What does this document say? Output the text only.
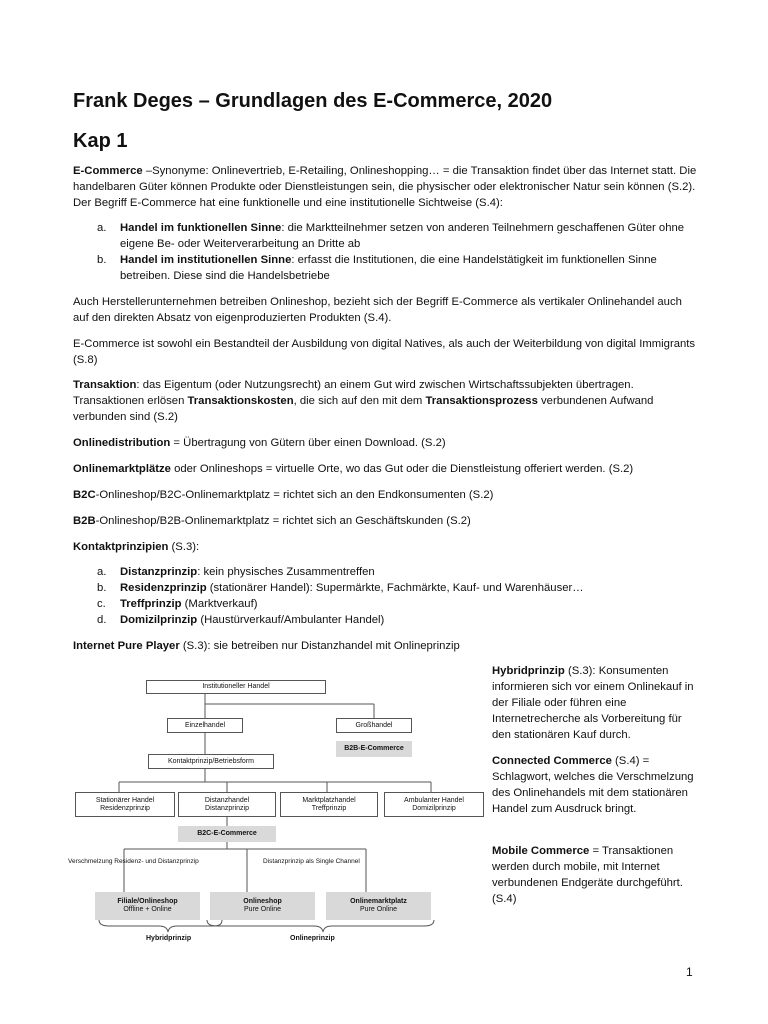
Frank Deges – Grundlagen des E-Commerce, 2020
Kap 1

E-Commerce –Synonyme: Onlinevertrieb, E-Retailing, Onlineshopping… = die Transaktion findet über das Internet statt. Die handelbaren Güter können Produkte oder Dienstleistungen sein, die physischer oder elektronischer Natur sein können (S.2). Der Begriff E-Commerce hat eine funktionelle und eine institutionelle Sichtweise (S.4):

a. Handel im funktionellen Sinne: die Marktteilnehmer setzen von anderen Teilnehmern geschaffenen Güter ohne eigene Be- oder Weiterverarbeitung an Dritte ab
b. Handel im institutionellen Sinne: erfasst die Institutionen, die eine Handelstätigkeit im funktionellen Sinne betreiben. Diese sind die Handelsbetriebe

Auch Herstellerunternehmen betreiben Onlineshop, bezieht sich der Begriff E-Commerce als vertikaler Onlinehandel auch auf den direkten Absatz von eigenproduzierten Produkten (S.4).

E-Commerce ist sowohl ein Bestandteil der Ausbildung von digital Natives, als auch der Weiterbildung von digital Immigrants (S.8)

Transaktion: das Eigentum (oder Nutzungsrecht) an einem Gut wird zwischen Wirtschaftssubjekten übertragen. Transaktionen erlösen Transaktionskosten, die sich auf den mit dem Transaktionsprozess verbundenen Aufwand verbunden sind (S.2)

Onlinedistribution = Übertragung von Gütern über einen Download. (S.2)

Onlinemarktplätze oder Onlineshops = virtuelle Orte, wo das Gut oder die Dienstleistung offeriert werden. (S.2)

B2C-Onlineshop/B2C-Onlinemarktplatz = richtet sich an den Endkonsumenten (S.2)

B2B-Onlineshop/B2B-Onlinemarktplatz = richtet sich an Geschäftskunden (S.2)

Kontaktprinzipien (S.3):

a. Distanzprinzip: kein physisches Zusammentreffen
b. Residenzprinzip (stationärer Handel): Supermärkte, Fachmärkte, Kauf- und Warenhäuser…
c. Treffprinzip (Marktverkauf)
d. Domizilprinzip (Haustürverkauf/Ambulanter Handel)

Internet Pure Player (S.3): sie betreiben nur Distanzhandel mit Onlineprinzip

Institutioneller Handel
Einzelhandel	Großhandel
B2B-E-Commerce
Kontaktprinzip/Betriebsform
Stationärer Handel
Residenzprinzip
Distanzhandel
Distanzprinzip
Marktplatzhandel
Treffprinzip
Ambulanter Handel
Domizilprinzip
B2C-E-Commerce
Verschmelzung Residenz- und Distanzprinzip	Distanzprinzip als Single Channel
Filiale/Onlineshop
Offline + Online
Onlineshop
Pure Online
Onlinemarktplatz
Pure Online
Hybridprinzip	Onlineprinzip

Hybridprinzip (S.3): Konsumenten informieren sich vor einem Onlinekauf in der Filiale oder führen eine Internetrecherche als Vorbereitung für den stationären Kauf durch.

Connected Commerce (S.4) = Schlagwort, welches die Verschmelzung des Onlinehandels mit dem stationären Handel zum Ausdruck bringt.

Mobile Commerce = Transaktionen werden durch mobile, mit Internet verbundenen Endgeräte durchgeführt. (S.4)

1
